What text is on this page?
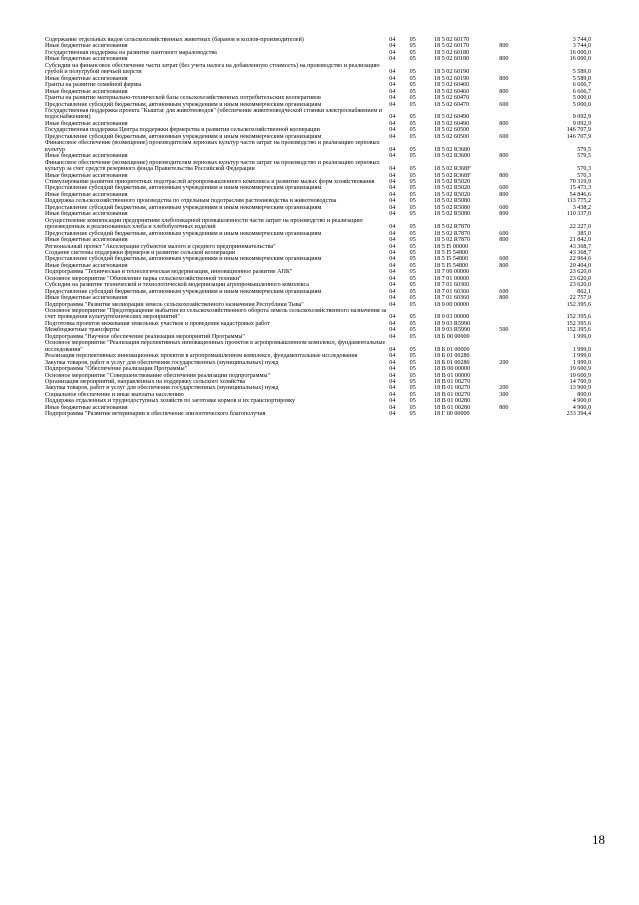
Содержание отдельных видов сельскохозяйственных животных (баранов и козлов-производителей)	04	05	18 5 02 60170		3 744,0
Иные бюджетные ассигнования	04	05	18 5 02 60170	800	3 744,0
Государственная поддержка на развитие пантового мараловодства	04	05	18 5 02 60180		16 000,0
Иные бюджетные ассигнования	04	05	18 5 02 60180	800	16 000,0
Субсидии на финансовое обеспечение части затрат (без учета налога на добавленную стоимость) на производство и реализацию грубой и полугрубой овечьей шерсти	04	05	18 5 02 60190		5 589,0
Иные бюджетные ассигнования	04	05	18 5 02 60190	800	5 589,0
Гранты на развитие семейной фермы	04	05	18 5 02 60460		6 666,7
Иные бюджетные ассигнования	04	05	18 5 02 60460	800	6 666,7
Гранты на развитие материально-технической базы сельскохозяйственных потребительских кооперативов	04	05	18 5 02 60470		5 000,0
Предоставление субсидий бюджетным, автономным учреждениям и иным некоммерческим организациям	04	05	18 5 02 60470	600	5 000,0
Государственная поддержка проекта "Кыштаг для животноводов" (обеспечение животноводческой стоянки электроснабжением и водоснабжением)	04	05	18 5 02 60490		9 092,9
Иные бюджетные ассигнования	04	05	18 5 02 60490	800	9 092,9
Государственная поддержка Центра поддержки фермерства и развития сельскохозяйственной кооперации	04	05	18 5 02 60500		146 707,9
Предоставление субсидий бюджетным, автономным учреждениям и иным некоммерческим организациям	04	05	18 5 02 60500	600	146 707,9
Финансовое обеспечение (возмещение) производителям зерновых культур части затрат на производство и реализацию зерновых культур	04	05	18 5 02 R3680		579,5
Иные бюджетные ассигнования	04	05	18 5 02 R3680	800	579,5
Финансовое обеспечение (возмещение) производителям зерновых культур части затрат на производство и реализацию зерновых культур за счет средств резервного фонда Правительства Российской Федерации	04	05	18 5 02 R368F		570,3
Иные бюджетные ассигнования	04	05	18 5 02 R368F	800	570,3
Стимулирование развития приоритетных подотраслей агропромышленного комплекса и развитие малых форм хозяйствования	04	05	18 5 02 R5020		70 319,9
Предоставление субсидий бюджетным, автономным учреждениям и иным некоммерческим организациям	04	05	18 5 02 R5020	600	15 473,3
Иные бюджетные ассигнования	04	05	18 5 02 R5020	800	54 846,6
Поддержка сельскохозяйственного производства по отдельным подотраслям растениеводства и животноводства	04	05	18 5 02 R5080		113 775,2
Предоставление субсидий бюджетным, автономным учреждениям и иным некоммерческим организациям	04	05	18 5 02 R5080	600	3 438,2
Иные бюджетные ассигнования	04	05	18 5 02 R5080	800	110 337,0
Осуществление компенсации предприятиям хлебопекарной промышленности части затрат на производство и реализацию произведенных и реализованных хлеба и хлебобулочных изделий	04	05	18 5 02 R7870		22 227,0
Предоставление субсидий бюджетным, автономным учреждениям и иным некоммерческим организациям	04	05	18 5 02 R7870	600	385,0
Иные бюджетные ассигнования	04	05	18 5 02 R7870	800	21 842,0
Региональный проект "Акселерация субъектов малого и среднего предпринимательства"	04	05	18 5 I5 00000		43 368,7
Создание системы поддержки фермеров и развитие сельской кооперации	04	05	18 5 I5 54800		43 368,7
Предоставление субсидий бюджетным, автономным учреждениям и иным некоммерческим организациям	04	05	18 5 I5 54800	600	22 964,6
Иные бюджетные ассигнования	04	05	18 5 I5 54800	800	20 404,0
Подпрограмма "Техническая и технологическая модернизация, инновационное развитие АПК"	04	05	18 7 00 00000		23 620,0
Основное мероприятие "Обновление парка сельскохозяйственной техники"	04	05	18 7 01 00000		23 620,0
Субсидии на развитие технической и технологической модернизации агропромышленного комплекса	04	05	18 7 01 60360		23 620,0
Предоставление субсидий бюджетным, автономным учреждениям и иным некоммерческим организациям	04	05	18 7 01 60360	600	862,1
Иные бюджетные ассигнования	04	05	18 7 01 60360	800	22 757,9
Подпрограмма "Развитие мелиорации земель сельскохозяйственного назначения Республики Тыва"	04	05	18 9 00 00000		152 395,6
Основное мероприятие "Предотвращение выбытия из сельскохозяйственного оборота земель сельскохозяйственного назначения за счет проведения культуртехнических мероприятий"	04	05	18 9 03 00000		152 395,6
Подготовка проектов межевания земельных участков и проведение кадастровых работ	04	05	18 9 03 R5990		152 395,6
Межбюджетные трансферты	04	05	18 9 03 R5990	500	152 395,6
Подпрограмма "Научное обеспечение реализации мероприятий Программы"	04	05	18 Б 00 00000		1 999,0
Основное мероприятие "Реализация перспективных инновационных проектов в агропромышленном комплексе, фундаментальные исследования"	04	05	18 Б 01 00000		1 999,0
Реализация перспективных инновационных проектов в агропромышленном комплексе, фундаментальные исследования	04	05	18 Б 01 00280		1 999,0
Закупка товаров, работ и услуг для обеспечения государственных (муниципальных) нужд	04	05	18 Б 01 00280	200	1 999,0
Подпрограмма "Обеспечение реализации Программы"	04	05	18 В 00 00000		19 600,9
Основное мероприятие "Совершенствование обеспечения реализации подпрограммы"	04	05	18 В 01 00000		19 600,9
Организация мероприятий, направленных на поддержку сельского хозяйства	04	05	18 В 01 00270		14 700,9
Закупка товаров, работ и услуг для обеспечения государственных (муниципальных) нужд	04	05	18 В 01 00270	200	13 900,9
Социальное обеспечение и иные выплаты населению	04	05	18 В 01 00270	300	800,0
Поддержка отдаленных и труднодоступных хозяйств по заготовке кормов и их транспортировку	04	05	18 В 01 00280		4 900,0
Иные бюджетные ассигнования	04	05	18 В 01 00280	800	4 900,0
Подпрограмма "Развитие ветеринарии и обеспечение эпизоотического благополучия	04	05	18 Г 00 00000		233 394,4
18
